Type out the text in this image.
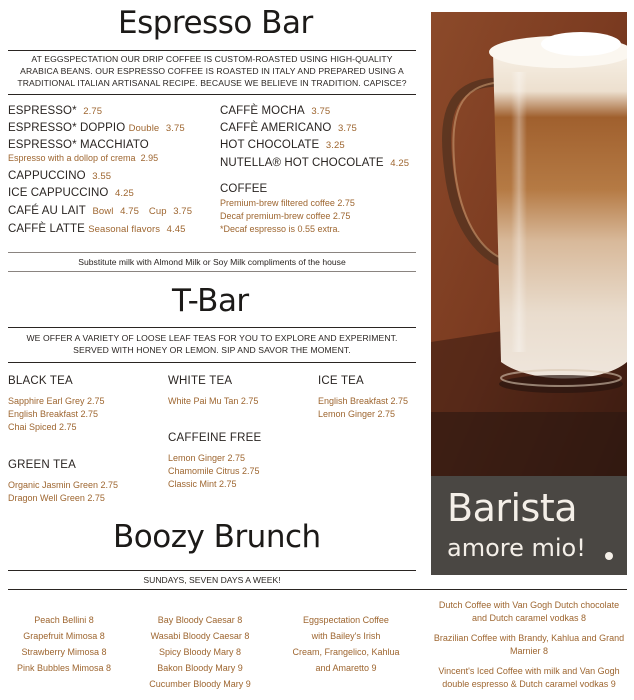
Espresso Bar
AT EGGSPECTATION OUR DRIP COFFEE IS CUSTOM-ROASTED USING HIGH-QUALITY ARABICA BEANS. OUR ESPRESSO COFFEE IS ROASTED IN ITALY AND PREPARED USING A TRADITIONAL ITALIAN ARTISANAL RECIPE. BECAUSE WE BELIEVE IN TRADITION. CAPISCE?
ESPRESSO* 2.75
ESPRESSO* DOPPIO Double 3.75
ESPRESSO* MACCHIATO
Espresso with a dollop of crema 2.95
CAPPUCCINO 3.55
ICE CAPPUCCINO 4.25
CAFÉ AU LAIT Bowl 4.75 Cup 3.75
CAFFÈ LATTE Seasonal flavors 4.45
CAFFÈ MOCHA 3.75
CAFFÈ AMERICANO 3.75
HOT CHOCOLATE 3.25
NUTELLA® HOT CHOCOLATE 4.25
COFFEE
Premium-brew filtered coffee 2.75
Decaf premium-brew coffee 2.75
*Decaf espresso is 0.55 extra.
Substitute milk with Almond Milk or Soy Milk compliments of the house
T-Bar
WE OFFER A VARIETY OF LOOSE LEAF TEAS FOR YOU TO EXPLORE AND EXPERIMENT. SERVED WITH HONEY OR LEMON. SIP AND SAVOR THE MOMENT.
BLACK TEA
Sapphire Earl Grey 2.75
English Breakfast 2.75
Chai Spiced 2.75
WHITE TEA
White Pai Mu Tan 2.75
ICE TEA
English Breakfast 2.75
Lemon Ginger 2.75
CAFFEINE FREE
Lemon Ginger 2.75
Chamomile Citrus 2.75
Classic Mint 2.75
GREEN TEA
Organic Jasmin Green 2.75
Dragon Well Green 2.75
Boozy Brunch
SUNDAYS, SEVEN DAYS A WEEK!
Peach Bellini 8
Grapefruit Mimosa 8
Strawberry Mimosa 8
Pink Bubbles Mimosa 8
Bay Bloody Caesar 8
Wasabi Bloody Caesar 8
Spicy Bloody Mary 8
Bakon Bloody Mary 9
Cucumber Bloody Mary 9
Eggspectation Coffee
with Bailey's Irish
Cream, Frangelico, Kahlua
and Amaretto 9
Dutch Coffee with Van Gogh Dutch chocolate
and Dutch caramel vodkas 8
Brazilian Coffee with Brandy, Kahlua and Grand
Marnier 8
Vincent's Iced Coffee with milk and Van Gogh
double espresso & Dutch caramel vodkas 9
Barista
amore mio!
